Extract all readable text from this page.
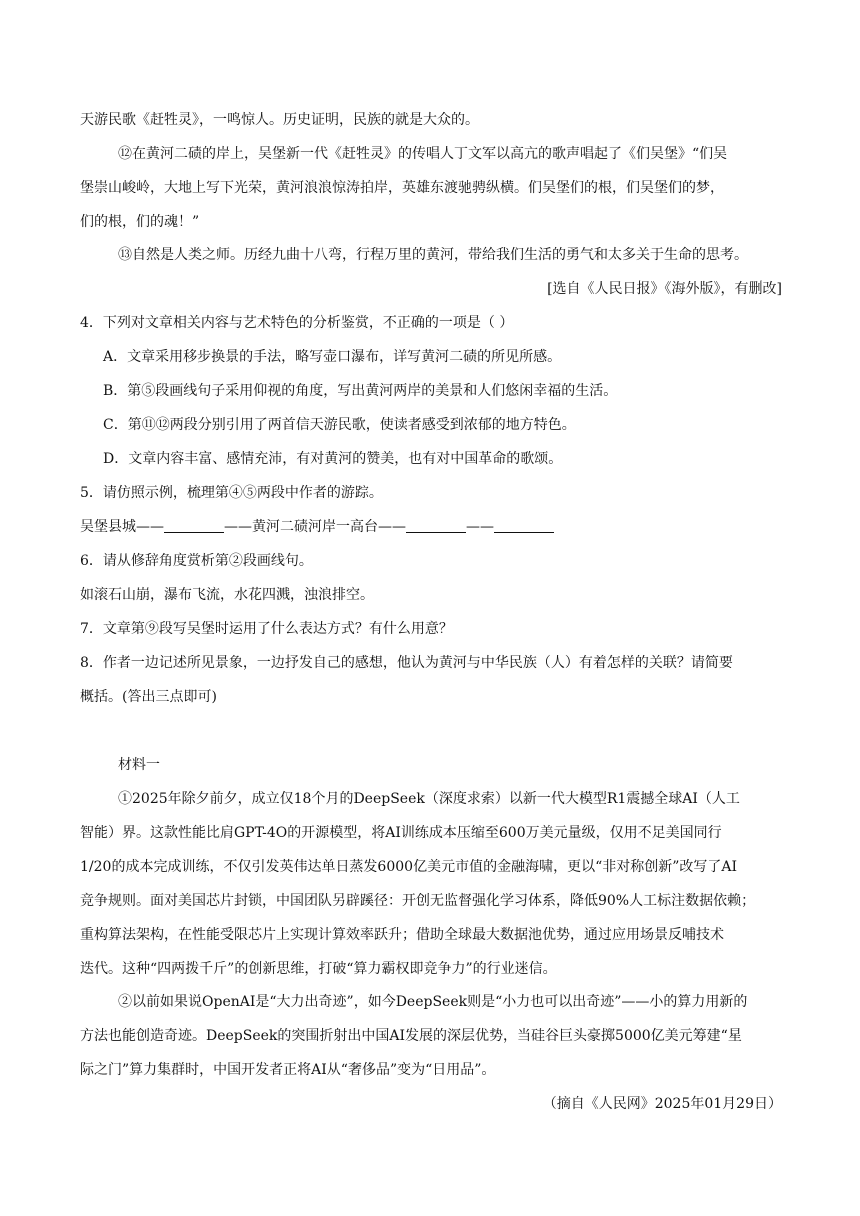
天游民歌《赶牲灵》，一鸣惊人。历史证明，民族的就是大众的。
⑫在黄河二碛的岸上，吴堡新一代《赶牲灵》的传唱人丁文军以高亢的歌声唱起了《们吴堡》“们吴
堡崇山峻岭，大地上写下光荣，黄河浪浪惊涛拍岸，英雄东渡驰骋纵横。们吴堡们的根，们吴堡们的梦，
们的根，们的魂！”
⑬自然是人类之师。历经九曲十八弯，行程万里的黄河，带给我们生活的勇气和太多关于生命的思考。
[选自《人民日报》《海外版》，有删改]
4．下列对文章相关内容与艺术特色的分析鉴赏，不正确的一项是（ ）
A．文章采用移步换景的手法，略写壶口瀑布，详写黄河二碛的所见所感。
B．第⑤段画线句子采用仰视的角度，写出黄河两岸的美景和人们悠闲幸福的生活。
C．第⑪⑫两段分别引用了两首信天游民歌，使读者感受到浓郁的地方特色。
D．文章内容丰富、感情充沛，有对黄河的赞美，也有对中国革命的歌颂。
5．请仿照示例，梳理第④⑤两段中作者的游踪。
吴堡县城——	——黄河二碛河岸一高台——	——
6．请从修辞角度赏析第②段画线句。
如滚石山崩，瀑布飞流，水花四溅，浊浪排空。
7．文章第⑨段写吴堡时运用了什么表达方式？有什么用意？
8．作者一边记述所见景象，一边抒发自己的感想，他认为黄河与中华民族（人）有着怎样的关联？请简要
概括。(答出三点即可)
材料一
①2025年除夕前夕，成立仅18个月的DeepSeek（深度求索）以新一代大模型R1震撼全球AI（人工
智能）界。这款性能比肩GPT-4O的开源模型，将AI训练成本压缩至600万美元量级，仅用不足美国同行
1/20的成本完成训练，不仅引发英伟达单日蒸发6000亿美元市值的金融海啸，更以“非对称创新”改写了AI
竞争规则。面对美国芯片封锁，中国团队另辟蹊径：开创无监督强化学习体系，降低90%人工标注数据依赖；
重构算法架构，在性能受限芯片上实现计算效率跃升；借助全球最大数据池优势，通过应用场景反哺技术
迭代。这种“四两拨千斤”的创新思维，打破“算力霸权即竞争力”的行业迷信。
②以前如果说OpenAI是“大力出奇迹”，如今DeepSeek则是“小力也可以出奇迹”——小的算力用新的
方法也能创造奇迹。DeepSeek的突围折射出中国AI发展的深层优势，当硅谷巨头豪掷5000亿美元筹建“星
际之门”算力集群时，中国开发者正将AI从“奢侈品”变为“日用品”。
（摘自《人民网》2025年01月29日）
